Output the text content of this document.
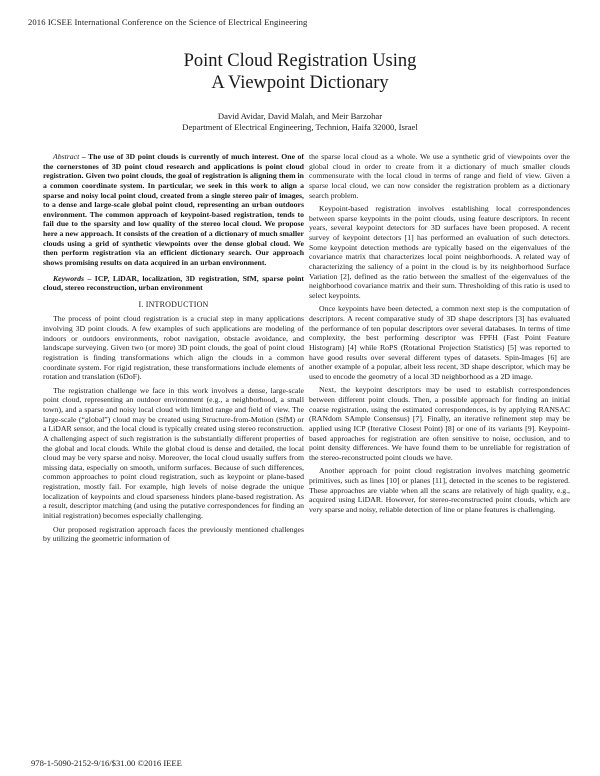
2016 ICSEE International Conference on the Science of Electrical Engineering
Point Cloud Registration Using
A Viewpoint Dictionary
David Avidar, David Malah, and Meir Barzohar
Department of Electrical Engineering, Technion, Haifa 32000, Israel

Abstract – The use of 3D point clouds is currently of much interest. One of the cornerstones of 3D point cloud research and applications is point cloud registration. Given two point clouds, the goal of registration is aligning them in a common coordinate system. In particular, we seek in this work to align a sparse and noisy local point cloud, created from a single stereo pair of images, to a dense and large-scale global point cloud, representing an urban outdoors environment. The common approach of keypoint-based registration, tends to fail due to the sparsity and low quality of the stereo local cloud. We propose here a new approach. It consists of the creation of a dictionary of much smaller clouds using a grid of synthetic viewpoints over the dense global cloud. We then perform registration via an efficient dictionary search. Our approach shows promising results on data acquired in an urban environment.

Keywords – ICP, LiDAR, localization, 3D registration, SfM, sparse point cloud, stereo reconstruction, urban environment

I. INTRODUCTION

The process of point cloud registration is a crucial step in many applications involving 3D point clouds. A few examples of such applications are modeling of indoors or outdoors environments, robot navigation, obstacle avoidance, and landscape surveying. Given two (or more) 3D point clouds, the goal of point cloud registration is finding transformations which align the clouds in a common coordinate system. For rigid registration, these transformations include elements of rotation and translation (6DoF).

The registration challenge we face in this work involves a dense, large-scale point cloud, representing an outdoor environment (e.g., a neighborhood, a small town), and a sparse and noisy local cloud with limited range and field of view. The large-scale (“global”) cloud may be created using Structure-from-Motion (SfM) or a LiDAR sensor, and the local cloud is typically created using stereo reconstruction. A challenging aspect of such registration is the substantially different properties of the global and local clouds. While the global cloud is dense and detailed, the local cloud may be very sparse and noisy. Moreover, the local cloud usually suffers from missing data, especially on smooth, uniform surfaces. Because of such differences, common approaches to point cloud registration, such as keypoint or plane-based registration, mostly fail. For example, high levels of noise degrade the unique localization of keypoints and cloud sparseness hinders plane-based registration. As a result, descriptor matching (and using the putative correspondences for finding an initial registration) becomes especially challenging.

Our proposed registration approach faces the previously mentioned challenges by utilizing the geometric information of

the sparse local cloud as a whole. We use a synthetic grid of viewpoints over the global cloud in order to create from it a dictionary of much smaller clouds commensurate with the local cloud in terms of range and field of view. Given a sparse local cloud, we can now consider the registration problem as a dictionary search problem.

Keypoint-based registration involves establishing local correspondences between sparse keypoints in the point clouds, using feature descriptors. In recent years, several keypoint detectors for 3D surfaces have been proposed. A recent survey of keypoint detectors [1] has performed an evaluation of such detectors. Some keypoint detection methods are typically based on the eigenvalues of the covariance matrix that characterizes local point neighborhoods. A related way of characterizing the saliency of a point in the cloud is by its neighborhood Surface Variation [2], defined as the ratio between the smallest of the eigenvalues of the neighborhood covariance matrix and their sum. Thresholding of this ratio is used to select keypoints.

Once keypoints have been detected, a common next step is the computation of descriptors. A recent comparative study of 3D shape descriptors [3] has evaluated the performance of ten popular descriptors over several databases. In terms of time complexity, the best performing descriptor was FPFH (Fast Point Feature Histogram) [4] while RoPS (Rotational Projection Statistics) [5] was reported to have good results over several different types of datasets. Spin-Images [6] are another example of a popular, albeit less recent, 3D shape descriptor, which may be used to encode the geometry of a local 3D neighborhood as a 2D image.

Next, the keypoint descriptors may be used to establish correspondences between different point clouds. Then, a possible approach for finding an initial coarse registration, using the estimated correspondences, is by applying RANSAC (RANdom SAmple Consensus) [7]. Finally, an iterative refinement step may be applied using ICP (Iterative Closest Point) [8] or one of its variants [9]. Keypoint-based approaches for registration are often sensitive to noise, occlusion, and to point density differences. We have found them to be unreliable for registration of the stereo-reconstructed point clouds we have.

Another approach for point cloud registration involves matching geometric primitives, such as lines [10] or planes [11], detected in the scenes to be registered. These approaches are viable when all the scans are relatively of high quality, e.g., acquired using LiDAR. However, for stereo-reconstructed point clouds, which are very sparse and noisy, reliable detection of line or plane features is challenging.

978-1-5090-2152-9/16/$31.00 ©2016 IEEE
